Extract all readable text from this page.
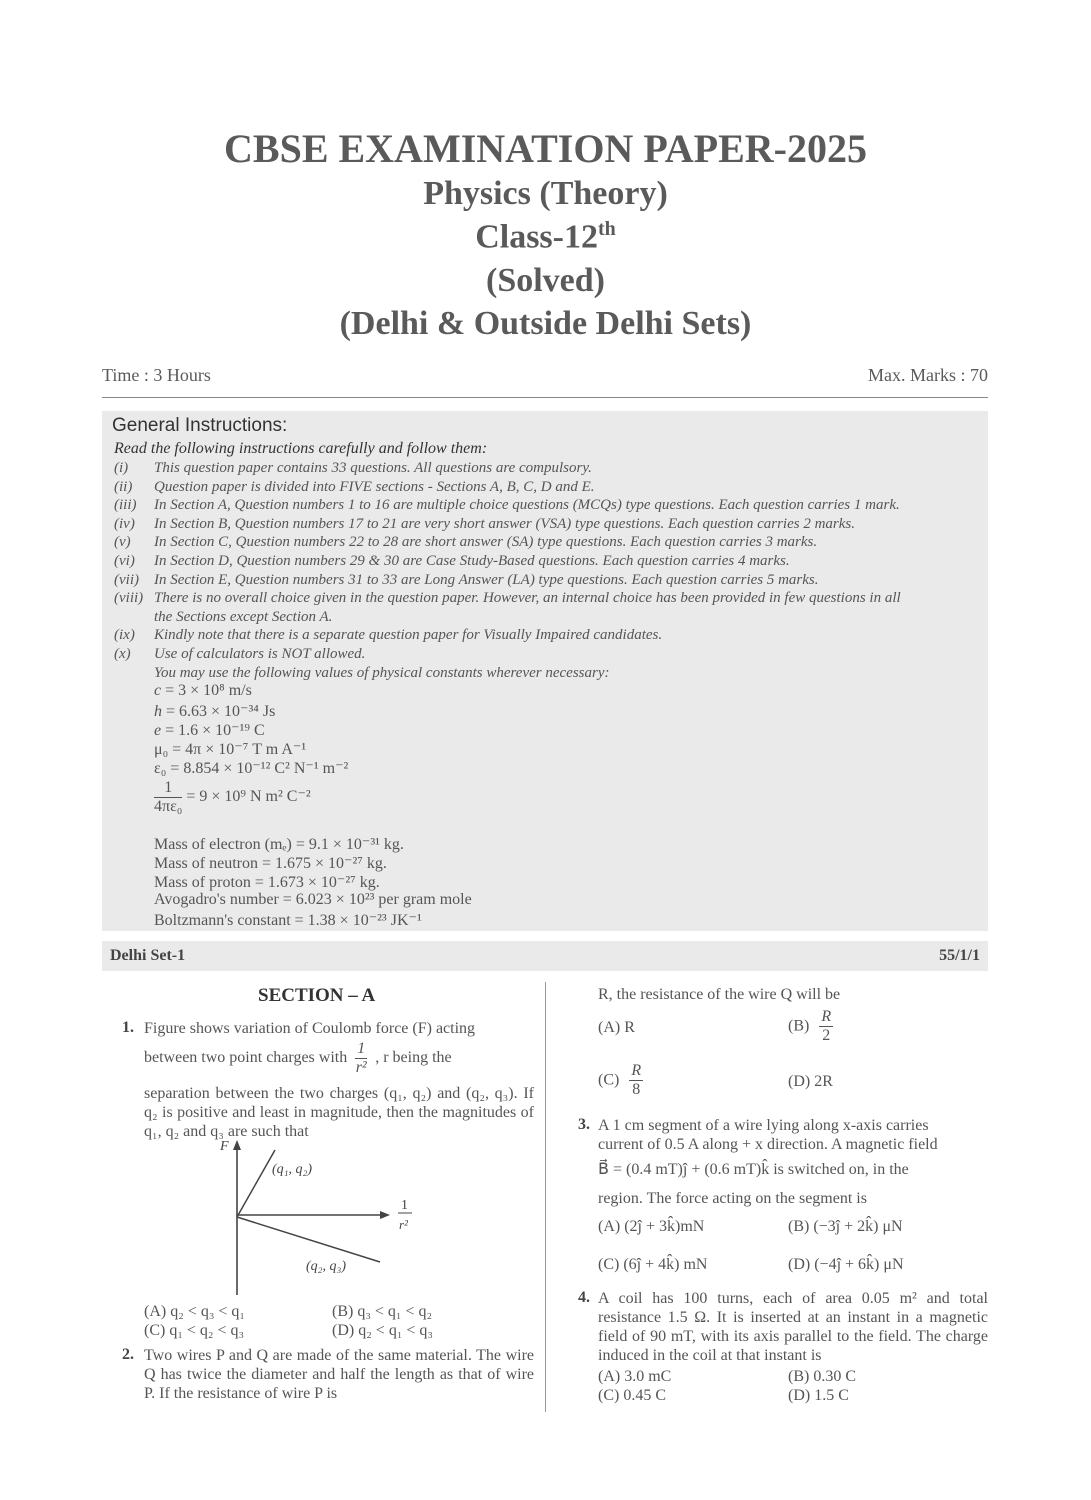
CBSE EXAMINATION PAPER-2025
Physics (Theory)
Class-12th
(Solved)
(Delhi & Outside Delhi Sets)
Time : 3 Hours	Max. Marks : 70
General Instructions:
Read the following instructions carefully and follow them:
(i) This question paper contains 33 questions. All questions are compulsory.
(ii) Question paper is divided into FIVE sections - Sections A, B, C, D and E.
(iii) In Section A, Question numbers 1 to 16 are multiple choice questions (MCQs) type questions. Each question carries 1 mark.
(iv) In Section B, Question numbers 17 to 21 are very short answer (VSA) type questions. Each question carries 2 marks.
(v) In Section C, Question numbers 22 to 28 are short answer (SA) type questions. Each question carries 3 marks.
(vi) In Section D, Question numbers 29 & 30 are Case Study-Based questions. Each question carries 4 marks.
(vii) In Section E, Question numbers 31 to 33 are Long Answer (LA) type questions. Each question carries 5 marks.
(viii) There is no overall choice given in the question paper. However, an internal choice has been provided in few questions in all
the Sections except Section A.
(ix) Kindly note that there is a separate question paper for Visually Impaired candidates.
(x) Use of calculators is NOT allowed.
You may use the following values of physical constants wherever necessary:
c = 3 × 10⁸ m/s
h = 6.63 × 10⁻³⁴ Js
e = 1.6 × 10⁻¹⁹ C
μ₀ = 4π × 10⁻⁷ T m A⁻¹
ε₀ = 8.854 × 10⁻¹² C² N⁻¹ m⁻²
$\frac{1}{\text{4πε₀}} = 9 \times 10^9$ N m² C⁻²
Mass of electron (mₑ) = 9.1 × 10⁻³¹ kg.
Mass of neutron = 1.675 × 10⁻²⁷ kg.
Mass of proton = 1.673 × 10⁻²⁷ kg.
Avogadro's number = 6.023 × 10²³ per gram mole
Boltzmann's constant = 1.38 × 10⁻²³ JK⁻¹
Delhi Set-1	55/1/1
SECTION – A
1. Figure shows variation of Coulomb force (F) acting
between two point charges with $\frac{1}{\text{r²}}$ , r being the
separation between the two charges (q₁, q₂) and (q₂, q₃). If q₂ is positive and least in magnitude, then the magnitudes of q₁, q₂ and q₃ are such that
F
1
r²
(q₁, q₂)
(q₂, q₃)
(A) q₂ < q₃ < q₁	(B) q₃ < q₁ < q₂
(C) q₁ < q₂ < q₃	(D) q₂ < q₁ < q₃
2. Two wires P and Q are made of the same material. The wire Q has twice the diameter and half the length as that of wire P. If the resistance of wire P is
R, the resistance of the wire Q will be
(A) R	$(B) \frac{R}{2}$
$(C) \frac{R}{8}$	(D) 2R
3. A 1 cm segment of a wire lying along x-axis carries
current of 0.5 A along + x direction. A magnetic field
B⃗ = (0.4 mT)ĵ + (0.6 mT)k̂ is switched on, in the
region. The force acting on the segment is
(A) (2ĵ + 3k̂)mN	(B) (−3ĵ + 2k̂) μN
(C) (6ĵ + 4k̂) mN	(D) (−4ĵ + 6k̂) μN
4. A coil has 100 turns, each of area 0.05 m² and total resistance 1.5 Ω. It is inserted at an instant in a magnetic field of 90 mT, with its axis parallel to the field. The charge induced in the coil at that instant is
(A) 3.0 mC	(B) 0.30 C
(C) 0.45 C	(D) 1.5 C
